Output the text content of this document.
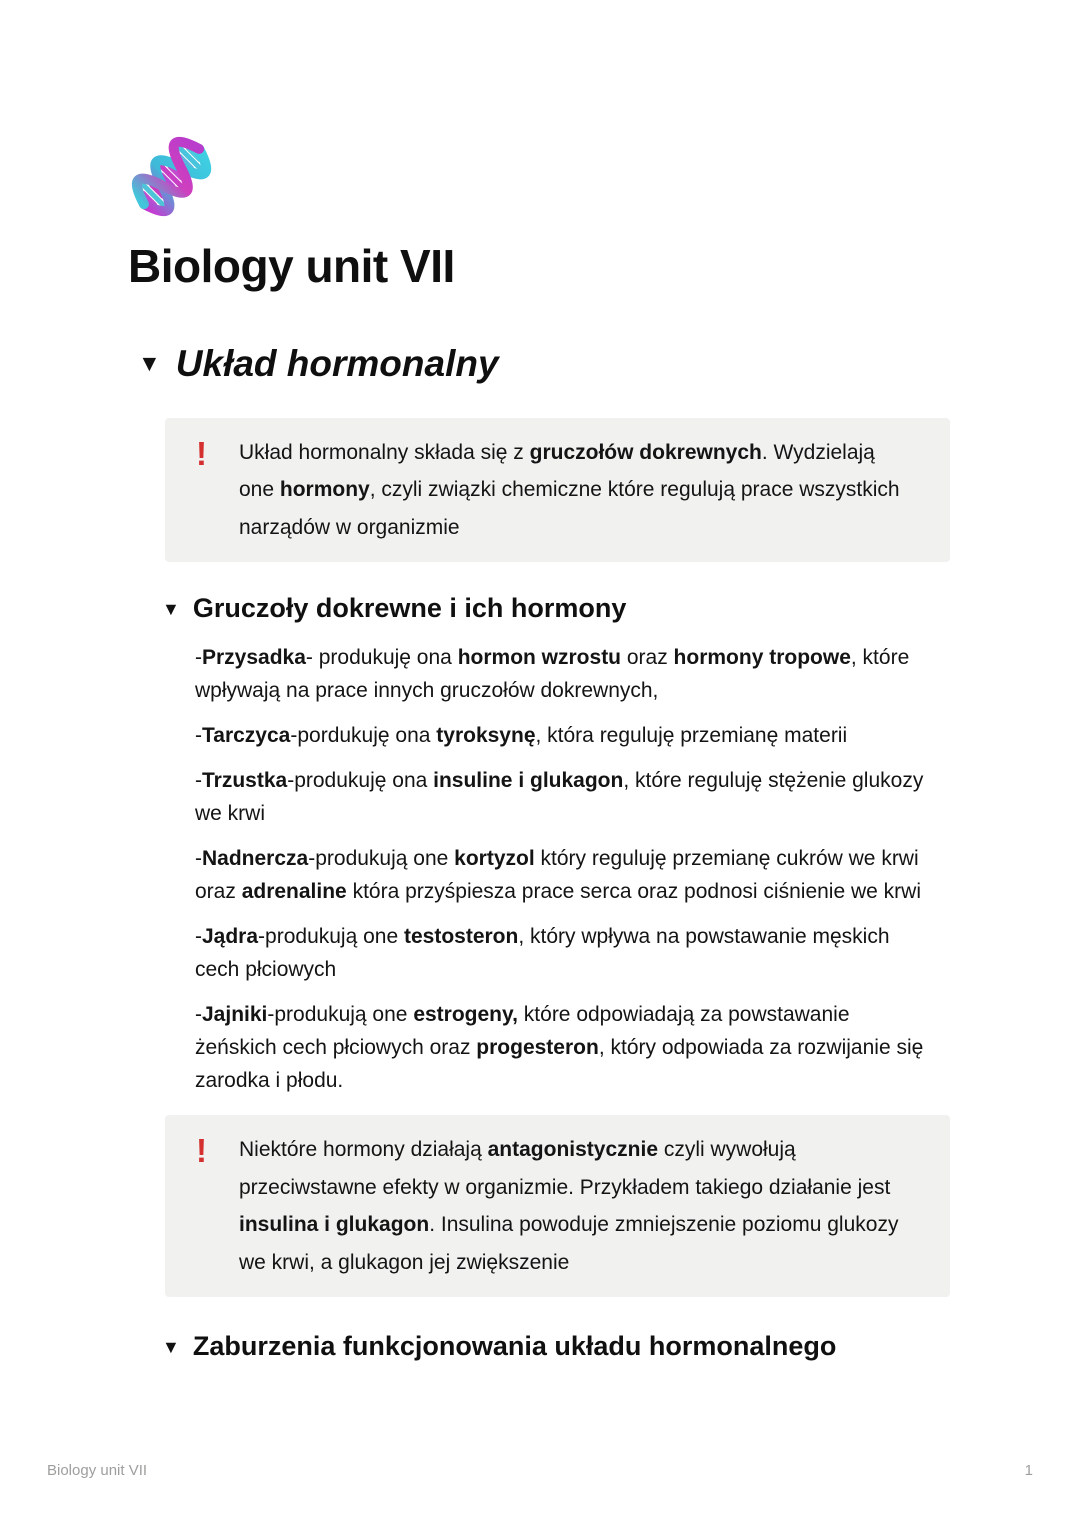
Biology unit VII
▼ Układ hormonalny
!	Układ hormonalny składa się z gruczołów dokrewnych. Wydzielają one hormony, czyli związki chemiczne które regulują prace wszystkich narządów w organizmie
▼ Gruczoły dokrewne i ich hormony

-Przysadka- produkuję ona hormon wzrostu oraz hormony tropowe, które wpływają na prace innych gruczołów dokrewnych,

-Tarczyca-pordukuję ona tyroksynę, która reguluję przemianę materii

-Trzustka-produkuję ona insuline i glukagon, które reguluję stężenie glukozy we krwi

-Nadnercza-produkują one kortyzol który reguluję przemianę cukrów we krwi oraz adrenaline która przyśpiesza prace serca oraz podnosi ciśnienie we krwi

-Jądra-produkują one testosteron, który wpływa na powstawanie męskich cech płciowych

-Jajniki-produkują one estrogeny, które odpowiadają za powstawanie żeńskich cech płciowych oraz progesteron, który odpowiada za rozwijanie się zarodka i płodu.

!	Niektóre hormony działają antagonistycznie czyli wywołują przeciwstawne efekty w organizmie. Przykładem takiego działanie jest insulina i glukagon. Insulina powoduje zmniejszenie poziomu glukozy we krwi, a glukagon jej zwiększenie
▼ Zaburzenia funkcjonowania układu hormonalnego
Biology unit VII	1
